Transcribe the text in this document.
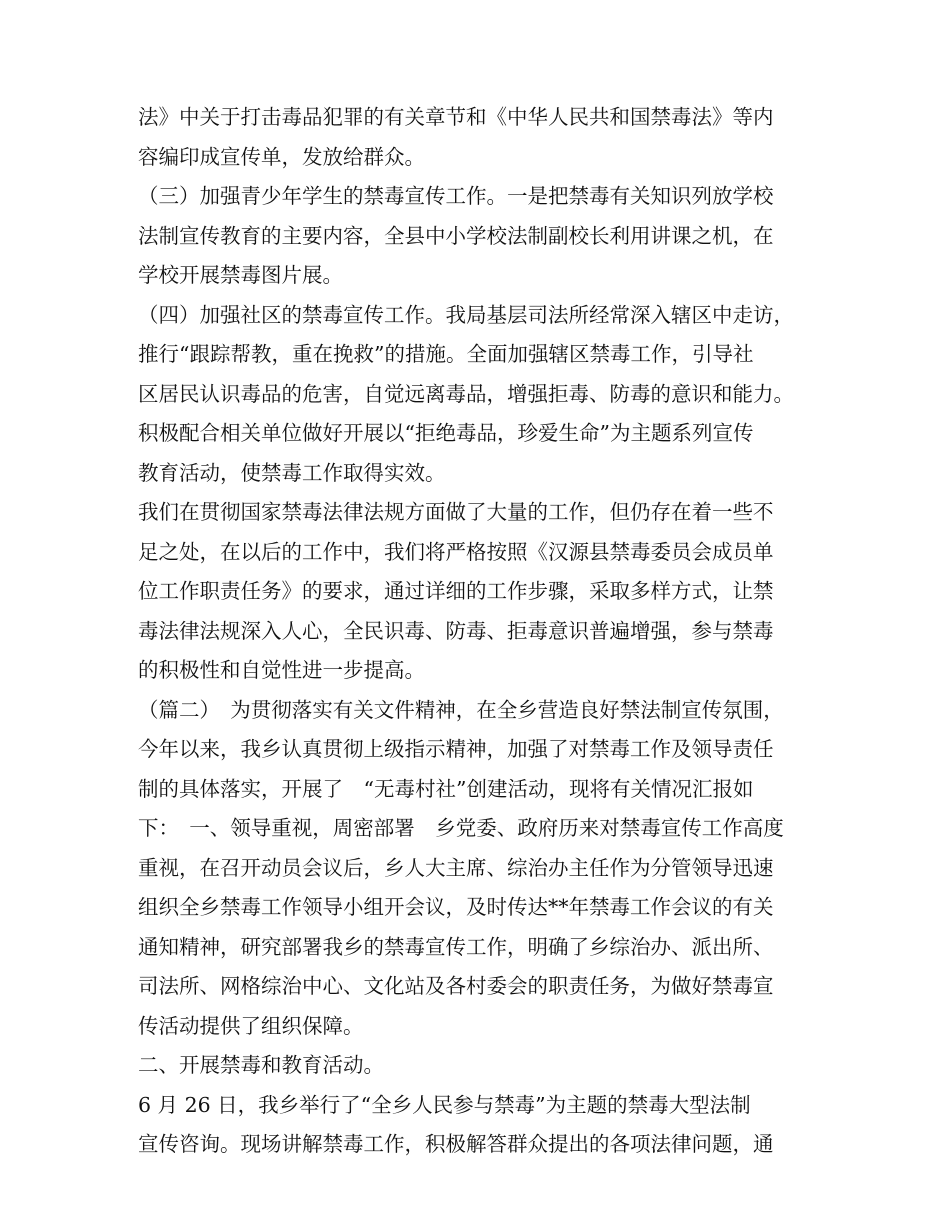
法》中关于打击毒品犯罪的有关章节和《中华人民共和国禁毒法》等内
容编印成宣传单，发放给群众。
（三）加强青少年学生的禁毒宣传工作。一是把禁毒有关知识列放学校
法制宣传教育的主要内容，全县中小学校法制副校长利用讲课之机，在
学校开展禁毒图片展。
（四）加强社区的禁毒宣传工作。我局基层司法所经常深入辖区中走访，
推行“跟踪帮教，重在挽救”的措施。全面加强辖区禁毒工作，引导社
区居民认识毒品的危害，自觉远离毒品，增强拒毒、防毒的意识和能力。
积极配合相关单位做好开展以“拒绝毒品，珍爱生命”为主题系列宣传
教育活动，使禁毒工作取得实效。
我们在贯彻国家禁毒法律法规方面做了大量的工作，但仍存在着一些不
足之处，在以后的工作中，我们将严格按照《汉源县禁毒委员会成员单
位工作职责任务》的要求，通过详细的工作步骤，采取多样方式，让禁
毒法律法规深入人心，全民识毒、防毒、拒毒意识普遍增强，参与禁毒
的积极性和自觉性进一步提高。
（篇二）　为贯彻落实有关文件精神，在全乡营造良好禁法制宣传氛围，
今年以来，我乡认真贯彻上级指示精神，加强了对禁毒工作及领导责任
制的具体落实，开展了　“无毒村社”创建活动，现将有关情况汇报如
下：　一、领导重视，周密部署　乡党委、政府历来对禁毒宣传工作高度
重视，在召开动员会议后，乡人大主席、综治办主任作为分管领导迅速
组织全乡禁毒工作领导小组开会议，及时传达**年禁毒工作会议的有关
通知精神，研究部署我乡的禁毒宣传工作，明确了乡综治办、派出所、
司法所、网格综治中心、文化站及各村委会的职责任务，为做好禁毒宣
传活动提供了组织保障。
二、开展禁毒和教育活动。
6 月 26 日，我乡举行了“全乡人民参与禁毒”为主题的禁毒大型法制
宣传咨询。现场讲解禁毒工作，积极解答群众提出的各项法律问题，通
